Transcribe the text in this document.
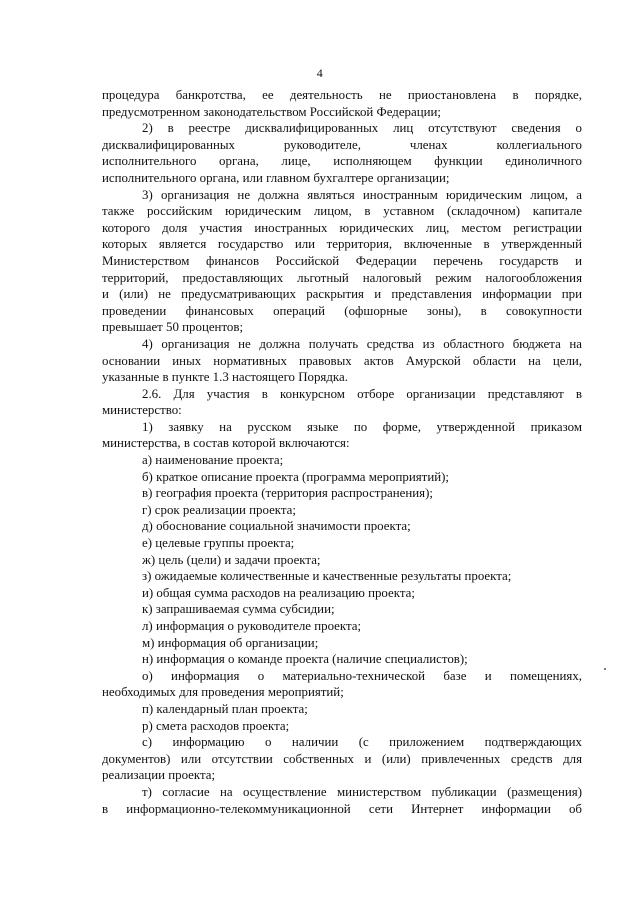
4
процедура банкротства, ее деятельность не приостановлена в порядке,
предусмотренном законодательством Российской Федерации;
2) в реестре дисквалифицированных лиц отсутствуют сведения о
дисквалифицированных руководителе, членах коллегиального
исполнительного органа, лице, исполняющем функции единоличного
исполнительного органа, или главном бухгалтере организации;
3) организация не должна являться иностранным юридическим лицом, а
также российским юридическим лицом, в уставном (складочном) капитале
которого доля участия иностранных юридических лиц, местом регистрации
которых является государство или территория, включенные в утвержденный
Министерством финансов Российской Федерации перечень государств и
территорий, предоставляющих льготный налоговый режим налогообложения
и (или) не предусматривающих раскрытия и представления информации при
проведении финансовых операций (офшорные зоны), в совокупности
превышает 50 процентов;
4) организация не должна получать средства из областного бюджета на
основании иных нормативных правовых актов Амурской области на цели,
указанные в пункте 1.3 настоящего Порядка.
2.6. Для участия в конкурсном отборе организации представляют в
министерство:
1) заявку на русском языке по форме, утвержденной приказом
министерства, в состав которой включаются:
а) наименование проекта;
б) краткое описание проекта (программа мероприятий);
в) география проекта (территория распространения);
г) срок реализации проекта;
д) обоснование социальной значимости проекта;
е) целевые группы проекта;
ж) цель (цели) и задачи проекта;
з) ожидаемые количественные и качественные результаты проекта;
и) общая сумма расходов на реализацию проекта;
к) запрашиваемая сумма субсидии;
л) информация о руководителе проекта;
м) информация об организации;
н) информация о команде проекта (наличие специалистов);
о) информация о материально-технической базе и помещениях,
необходимых для проведения мероприятий;
п) календарный план проекта;
р) смета расходов проекта;
с) информацию о наличии (с приложением подтверждающих
документов) или отсутствии собственных и (или) привлеченных средств для
реализации проекта;
т) согласие на осуществление министерством публикации (размещения)
в информационно-телекоммуникационной сети Интернет информации об
